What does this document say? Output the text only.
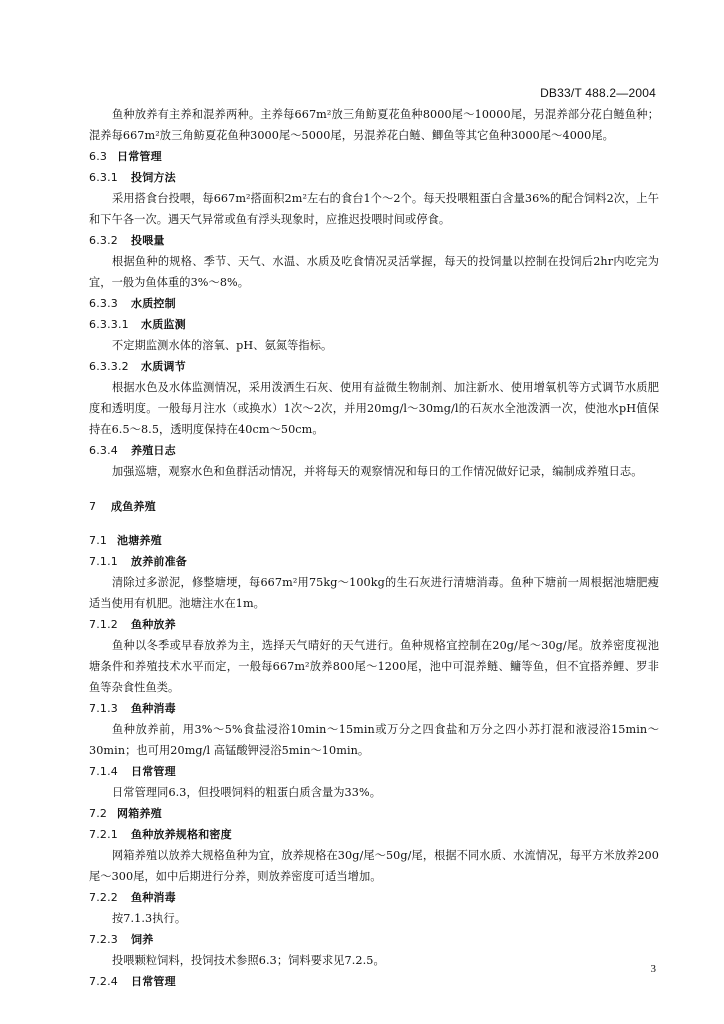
DB33/T 488.2—2004

鱼种放养有主养和混养两种。主养每667m²放三角鲂夏花鱼种8000尾～10000尾，另混养部分花白鲢鱼种；混养每667m²放三角鲂夏花鱼种3000尾～5000尾，另混养花白鲢、鲫鱼等其它鱼种3000尾～4000尾。

6.3 日常管理
6.3.1 投饲方法

采用搭食台投喂，每667m²搭面积2m²左右的食台1个～2个。每天投喂粗蛋白含量36%的配合饲料2次，上午和下午各一次。遇天气异常或鱼有浮头现象时，应推迟投喂时间或停食。

6.3.2 投喂量

根据鱼种的规格、季节、天气、水温、水质及吃食情况灵活掌握，每天的投饲量以控制在投饲后2hr内吃完为宜，一般为鱼体重的3%～8%。

6.3.3 水质控制
6.3.3.1 水质监测

不定期监测水体的溶氧、pH、氨氮等指标。

6.3.3.2 水质调节

根据水色及水体监测情况，采用泼洒生石灰、使用有益微生物制剂、加注新水、使用增氧机等方式调节水质肥度和透明度。一般每月注水（或换水）1次～2次，并用20mg/l～30mg/l的石灰水全池泼洒一次，使池水pH值保持在6.5～8.5，透明度保持在40cm～50cm。

6.3.4 养殖日志

加强巡塘，观察水色和鱼群活动情况，并将每天的观察情况和每日的工作情况做好记录，编制成养殖日志。

7 成鱼养殖
7.1 池塘养殖
7.1.1 放养前准备

清除过多淤泥，修整塘埂，每667m²用75kg～100kg的生石灰进行清塘消毒。鱼种下塘前一周根据池塘肥瘦适当使用有机肥。池塘注水在1m。

7.1.2 鱼种放养

鱼种以冬季或早春放养为主，选择天气晴好的天气进行。鱼种规格宜控制在20g/尾～30g/尾。放养密度视池塘条件和养殖技术水平而定，一般每667m²放养800尾～1200尾，池中可混养鲢、鳙等鱼，但不宜搭养鲤、罗非鱼等杂食性鱼类。

7.1.3 鱼种消毒

鱼种放养前，用3%～5%食盐浸浴10min～15min或万分之四食盐和万分之四小苏打混和液浸浴15min～30min；也可用20mg/l 高锰酸钾浸浴5min～10min。

7.1.4 日常管理

日常管理同6.3，但投喂饲料的粗蛋白质含量为33%。

7.2 网箱养殖
7.2.1 鱼种放养规格和密度

网箱养殖以放养大规格鱼种为宜，放养规格在30g/尾～50g/尾，根据不同水质、水流情况，每平方米放养200尾～300尾，如中后期进行分养，则放养密度可适当增加。

7.2.2 鱼种消毒

按7.1.3执行。

7.2.3 饲养

投喂颗粒饲料，投饲技术参照6.3；饲料要求见7.2.5。

7.2.4 日常管理
3
